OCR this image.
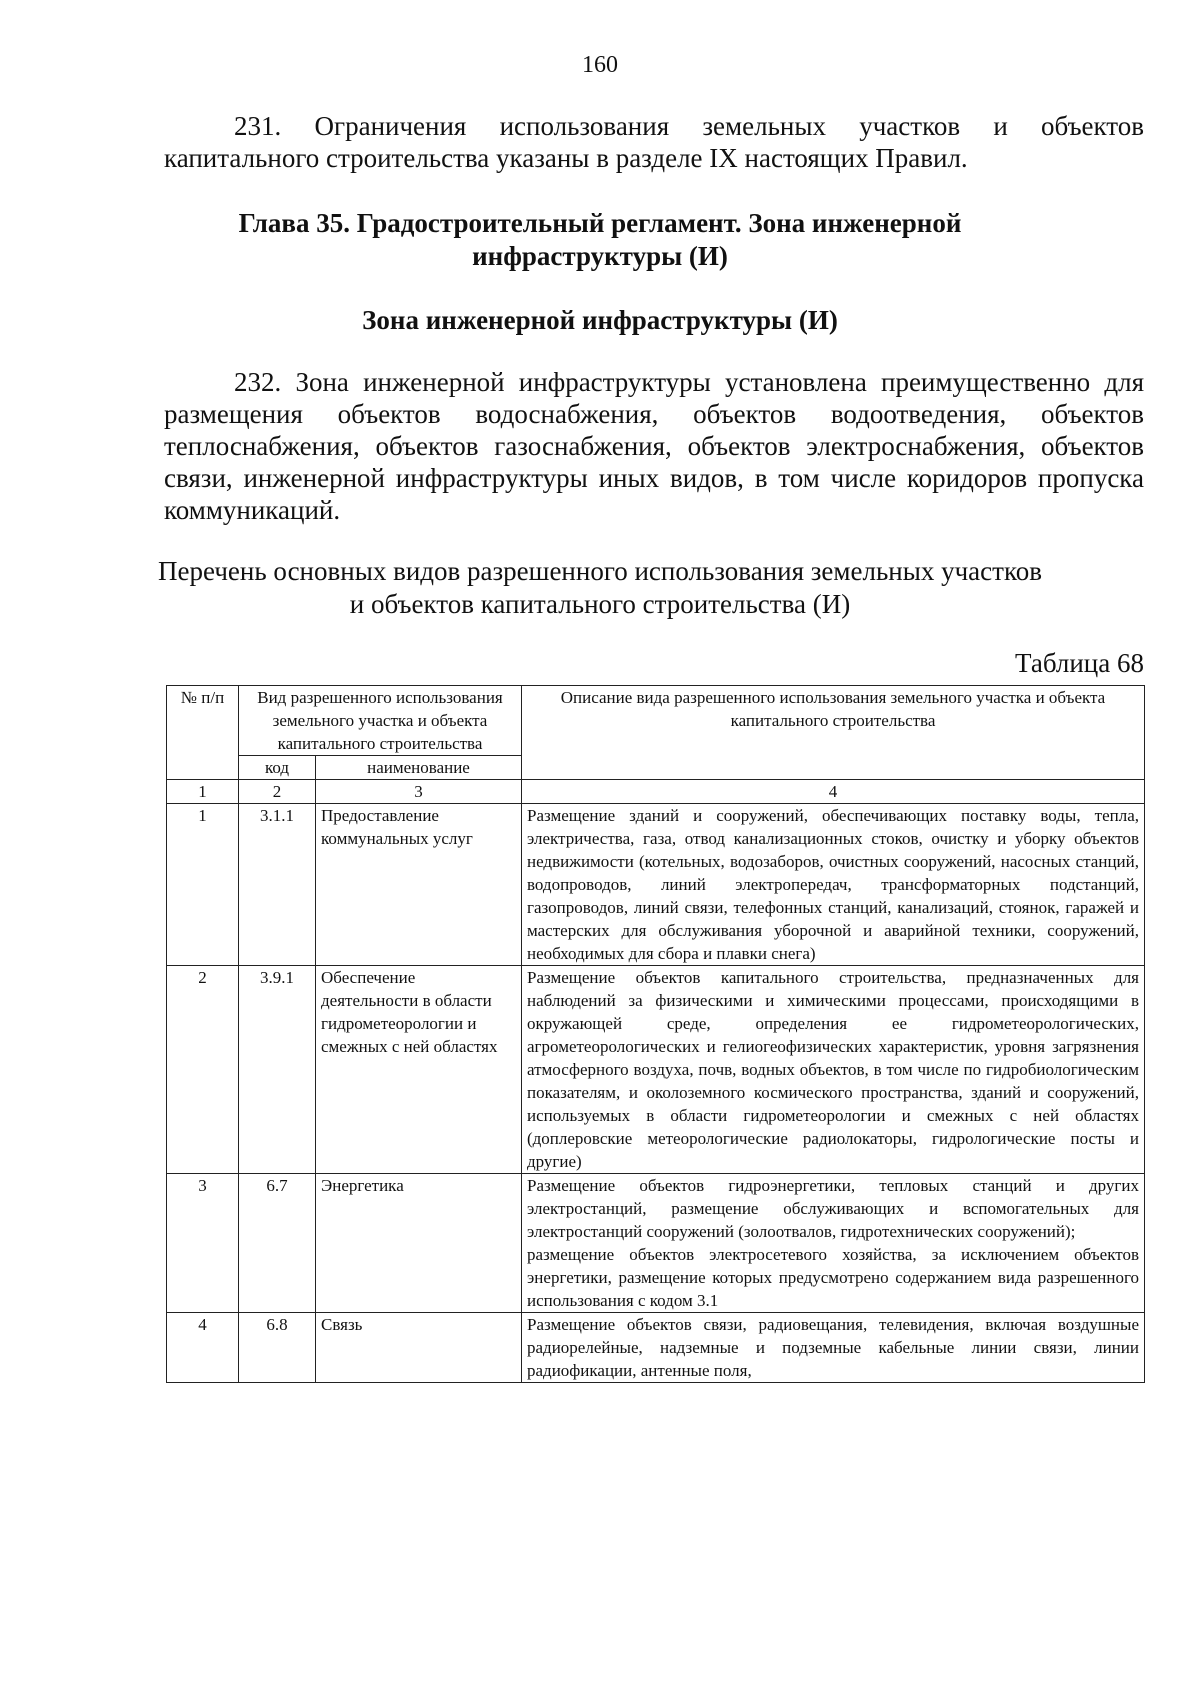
160
231. Ограничения использования земельных участков и объектов капитального строительства указаны в разделе IX настоящих Правил.
Глава 35. Градостроительный регламент. Зона инженерной
инфраструктуры (И)
Зона инженерной инфраструктуры (И)
232. Зона инженерной инфраструктуры установлена преимущественно для размещения объектов водоснабжения, объектов водоотведения, объектов теплоснабжения, объектов газоснабжения, объектов электроснабжения, объектов связи, инженерной инфраструктуры иных видов, в том числе коридоров пропуска коммуникаций.
Перечень основных видов разрешенного использования земельных участков
и объектов капитального строительства (И)
Таблица 68
№ п/п	Вид разрешенного использования земельного участка и объекта капитального строительства		Описание вида разрешенного использования земельного участка и объекта капитального строительства
	код	наименование	
1	2	3	4
1	3.1.1	Предоставление коммунальных услуг	Размещение зданий и сооружений, обеспечивающих поставку воды, тепла, электричества, газа, отвод канализационных стоков, очистку и уборку объектов недвижимости (котельных, водозаборов, очистных сооружений, насосных станций, водопроводов, линий электропередач, трансформаторных подстанций, газопроводов, линий связи, телефонных станций, канализаций, стоянок, гаражей и мастерских для обслуживания уборочной и аварийной техники, сооружений, необходимых для сбора и плавки снега)
2	3.9.1	Обеспечение деятельности в области гидрометеорологии и смежных с ней областях	Размещение объектов капитального строительства, предназначенных для наблюдений за физическими и химическими процессами, происходящими в окружающей среде, определения ее гидрометеорологических, агрометеорологических и гелиогеофизических характеристик, уровня загрязнения атмосферного воздуха, почв, водных объектов, в том числе по гидробиологическим показателям, и околоземного космического пространства, зданий и сооружений, используемых в области гидрометеорологии и смежных с ней областях (доплеровские метеорологические радиолокаторы, гидрологические посты и другие)
3	6.7	Энергетика	Размещение объектов гидроэнергетики, тепловых станций и других электростанций, размещение обслуживающих и вспомогательных для электростанций сооружений (золоотвалов, гидротехнических сооружений);
размещение объектов электросетевого хозяйства, за исключением объектов энергетики, размещение которых предусмотрено содержанием вида разрешенного использования с кодом 3.1

4	6.8	Связь	Размещение объектов связи, радиовещания, телевидения, включая воздушные радиорелейные, надземные и подземные кабельные линии связи, линии радиофикации, антенные поля,
